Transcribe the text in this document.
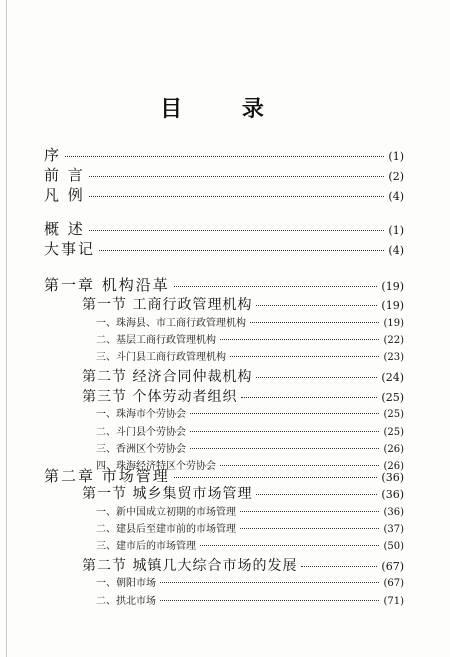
目 录
序	(1)
前 言	(2)
凡 例	(4)
概 述	(1)
大事记	(4)
第一章 机构沿革	(19)
第一节 工商行政管理机构	(19)
一、珠海县、市工商行政管理机构	(19)
二、基层工商行政管理机构	(22)
三、斗门县工商行政管理机构	(23)
第二节 经济合同仲裁机构	(24)
第三节 个体劳动者组织	(25)
一、珠海市个劳协会	(25)
二、斗门县个劳协会	(25)
三、香洲区个劳协会	(26)
四、珠海经济特区个劳协会	(26)
第二章 市场管理	(36)
第一节 城乡集贸市场管理	(36)
一、新中国成立初期的市场管理	(36)
二、建县后至建市前的市场管理	(37)
三、建市后的市场管理	(50)
第二节 城镇几大综合市场的发展	(67)
一、朝阳市场	(67)
二、拱北市场	(71)
